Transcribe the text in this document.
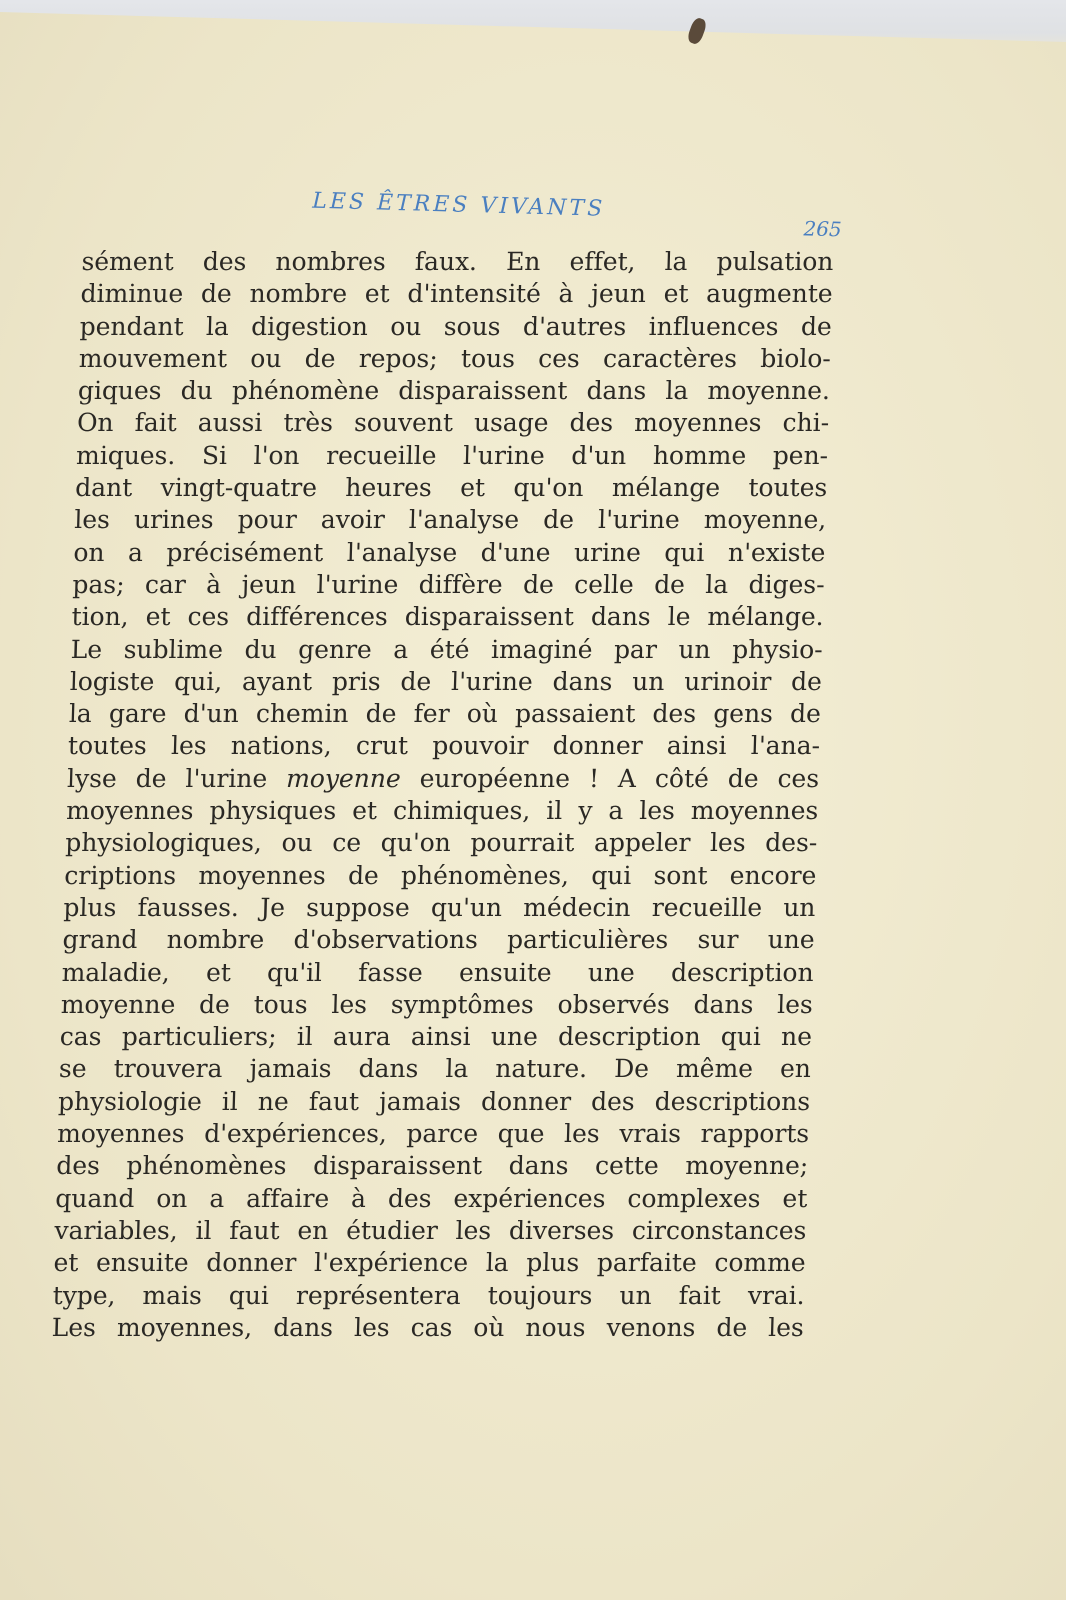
LES ÊTRES VIVANTS
265
sément des nombres faux. En effet, la pulsation
diminue de nombre et d'intensité à jeun et augmente
pendant la digestion ou sous d'autres influences de
mouvement ou de repos; tous ces caractères biolo-
giques du phénomène disparaissent dans la moyenne.
On fait aussi très souvent usage des moyennes chi-
miques. Si l'on recueille l'urine d'un homme pen-
dant vingt-quatre heures et qu'on mélange toutes
les urines pour avoir l'analyse de l'urine moyenne,
on a précisément l'analyse d'une urine qui n'existe
pas; car à jeun l'urine diffère de celle de la diges-
tion, et ces différences disparaissent dans le mélange.
Le sublime du genre a été imaginé par un physio-
logiste qui, ayant pris de l'urine dans un urinoir de
la gare d'un chemin de fer où passaient des gens de
toutes les nations, crut pouvoir donner ainsi l'ana-
lyse de l'urine moyenne européenne ! A côté de ces
moyennes physiques et chimiques, il y a les moyennes
physiologiques, ou ce qu'on pourrait appeler les des-
criptions moyennes de phénomènes, qui sont encore
plus fausses. Je suppose qu'un médecin recueille un
grand nombre d'observations particulières sur une
maladie, et qu'il fasse ensuite une description
moyenne de tous les symptômes observés dans les
cas particuliers; il aura ainsi une description qui ne
se trouvera jamais dans la nature. De même en
physiologie il ne faut jamais donner des descriptions
moyennes d'expériences, parce que les vrais rapports
des phénomènes disparaissent dans cette moyenne;
quand on a affaire à des expériences complexes et
variables, il faut en étudier les diverses circonstances
et ensuite donner l'expérience la plus parfaite comme
type, mais qui représentera toujours un fait vrai.
Les moyennes, dans les cas où nous venons de les
